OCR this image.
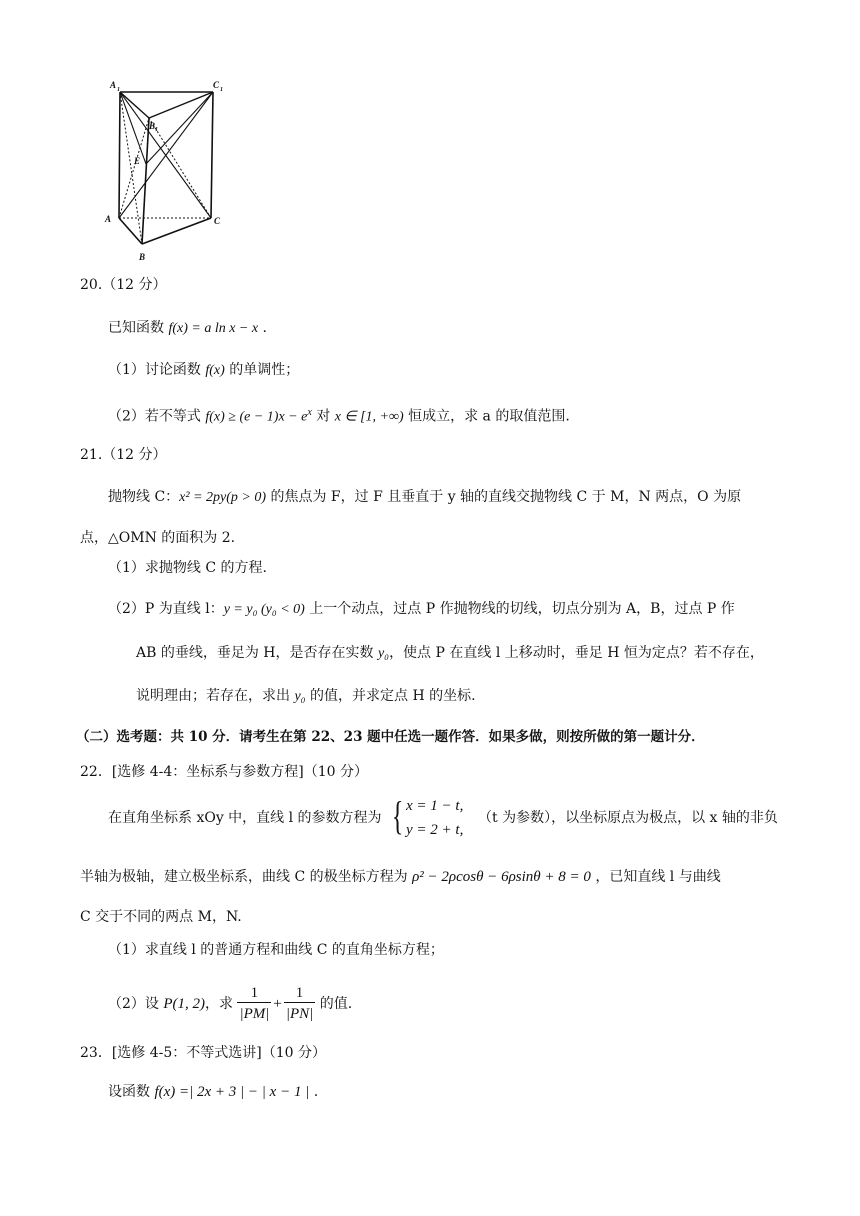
A 1	C 1
B 1
E
A	C
B
20.（12 分）
已知函数 f(x) = a ln x − x .
（1）讨论函数 f(x) 的单调性；
（2）若不等式 $f(x) \ge (e - 1)x - e^x$ 对 x ∈ [1, +∞) 恒成立，求 a 的取值范围.
21.（12 分）
抛物线 C：x² = 2py(p > 0) 的焦点为 F，过 F 且垂直于 y 轴的直线交抛物线 C 于 M，N 两点，O 为原
点，△OMN 的面积为 2.
（1）求抛物线 C 的方程.
（2）P 为直线 l：y = y₀ (y₀ < 0) 上一个动点，过点 P 作抛物线的切线，切点分别为 A，B，过点 P 作
AB 的垂线，垂足为 H，是否存在实数 y₀，使点 P 在直线 l 上移动时，垂足 H 恒为定点？若不存在，
说明理由；若存在，求出 y₀ 的值，并求定点 H 的坐标.
（二）选考题：共 10 分．请考生在第 22、23 题中任选一题作答．如果多做，则按所做的第一题计分．
22．[选修 4-4：坐标系与参数方程]（10 分）
在直角坐标系 xOy 中，直线 l 的参数方程为 { x = 1 − t,
y = 2 + t,
（t 为参数），以坐标原点为极点，以 x 轴的非负
半轴为极轴，建立极坐标系，曲线 C 的极坐标方程为 ρ² − 2ρcosθ − 6ρsinθ + 8 = 0 ，已知直线 l 与曲线
C 交于不同的两点 M，N.
（1）求直线 l 的普通方程和曲线 C 的直角坐标方程；
（2）设 P(1, 2)，求 $\frac{1}{|PM|} + \frac{1}{|PN|}$ 的值.
23．[选修 4-5：不等式选讲]（10 分）
设函数 f(x) =| 2x + 3 | − | x − 1 | .
